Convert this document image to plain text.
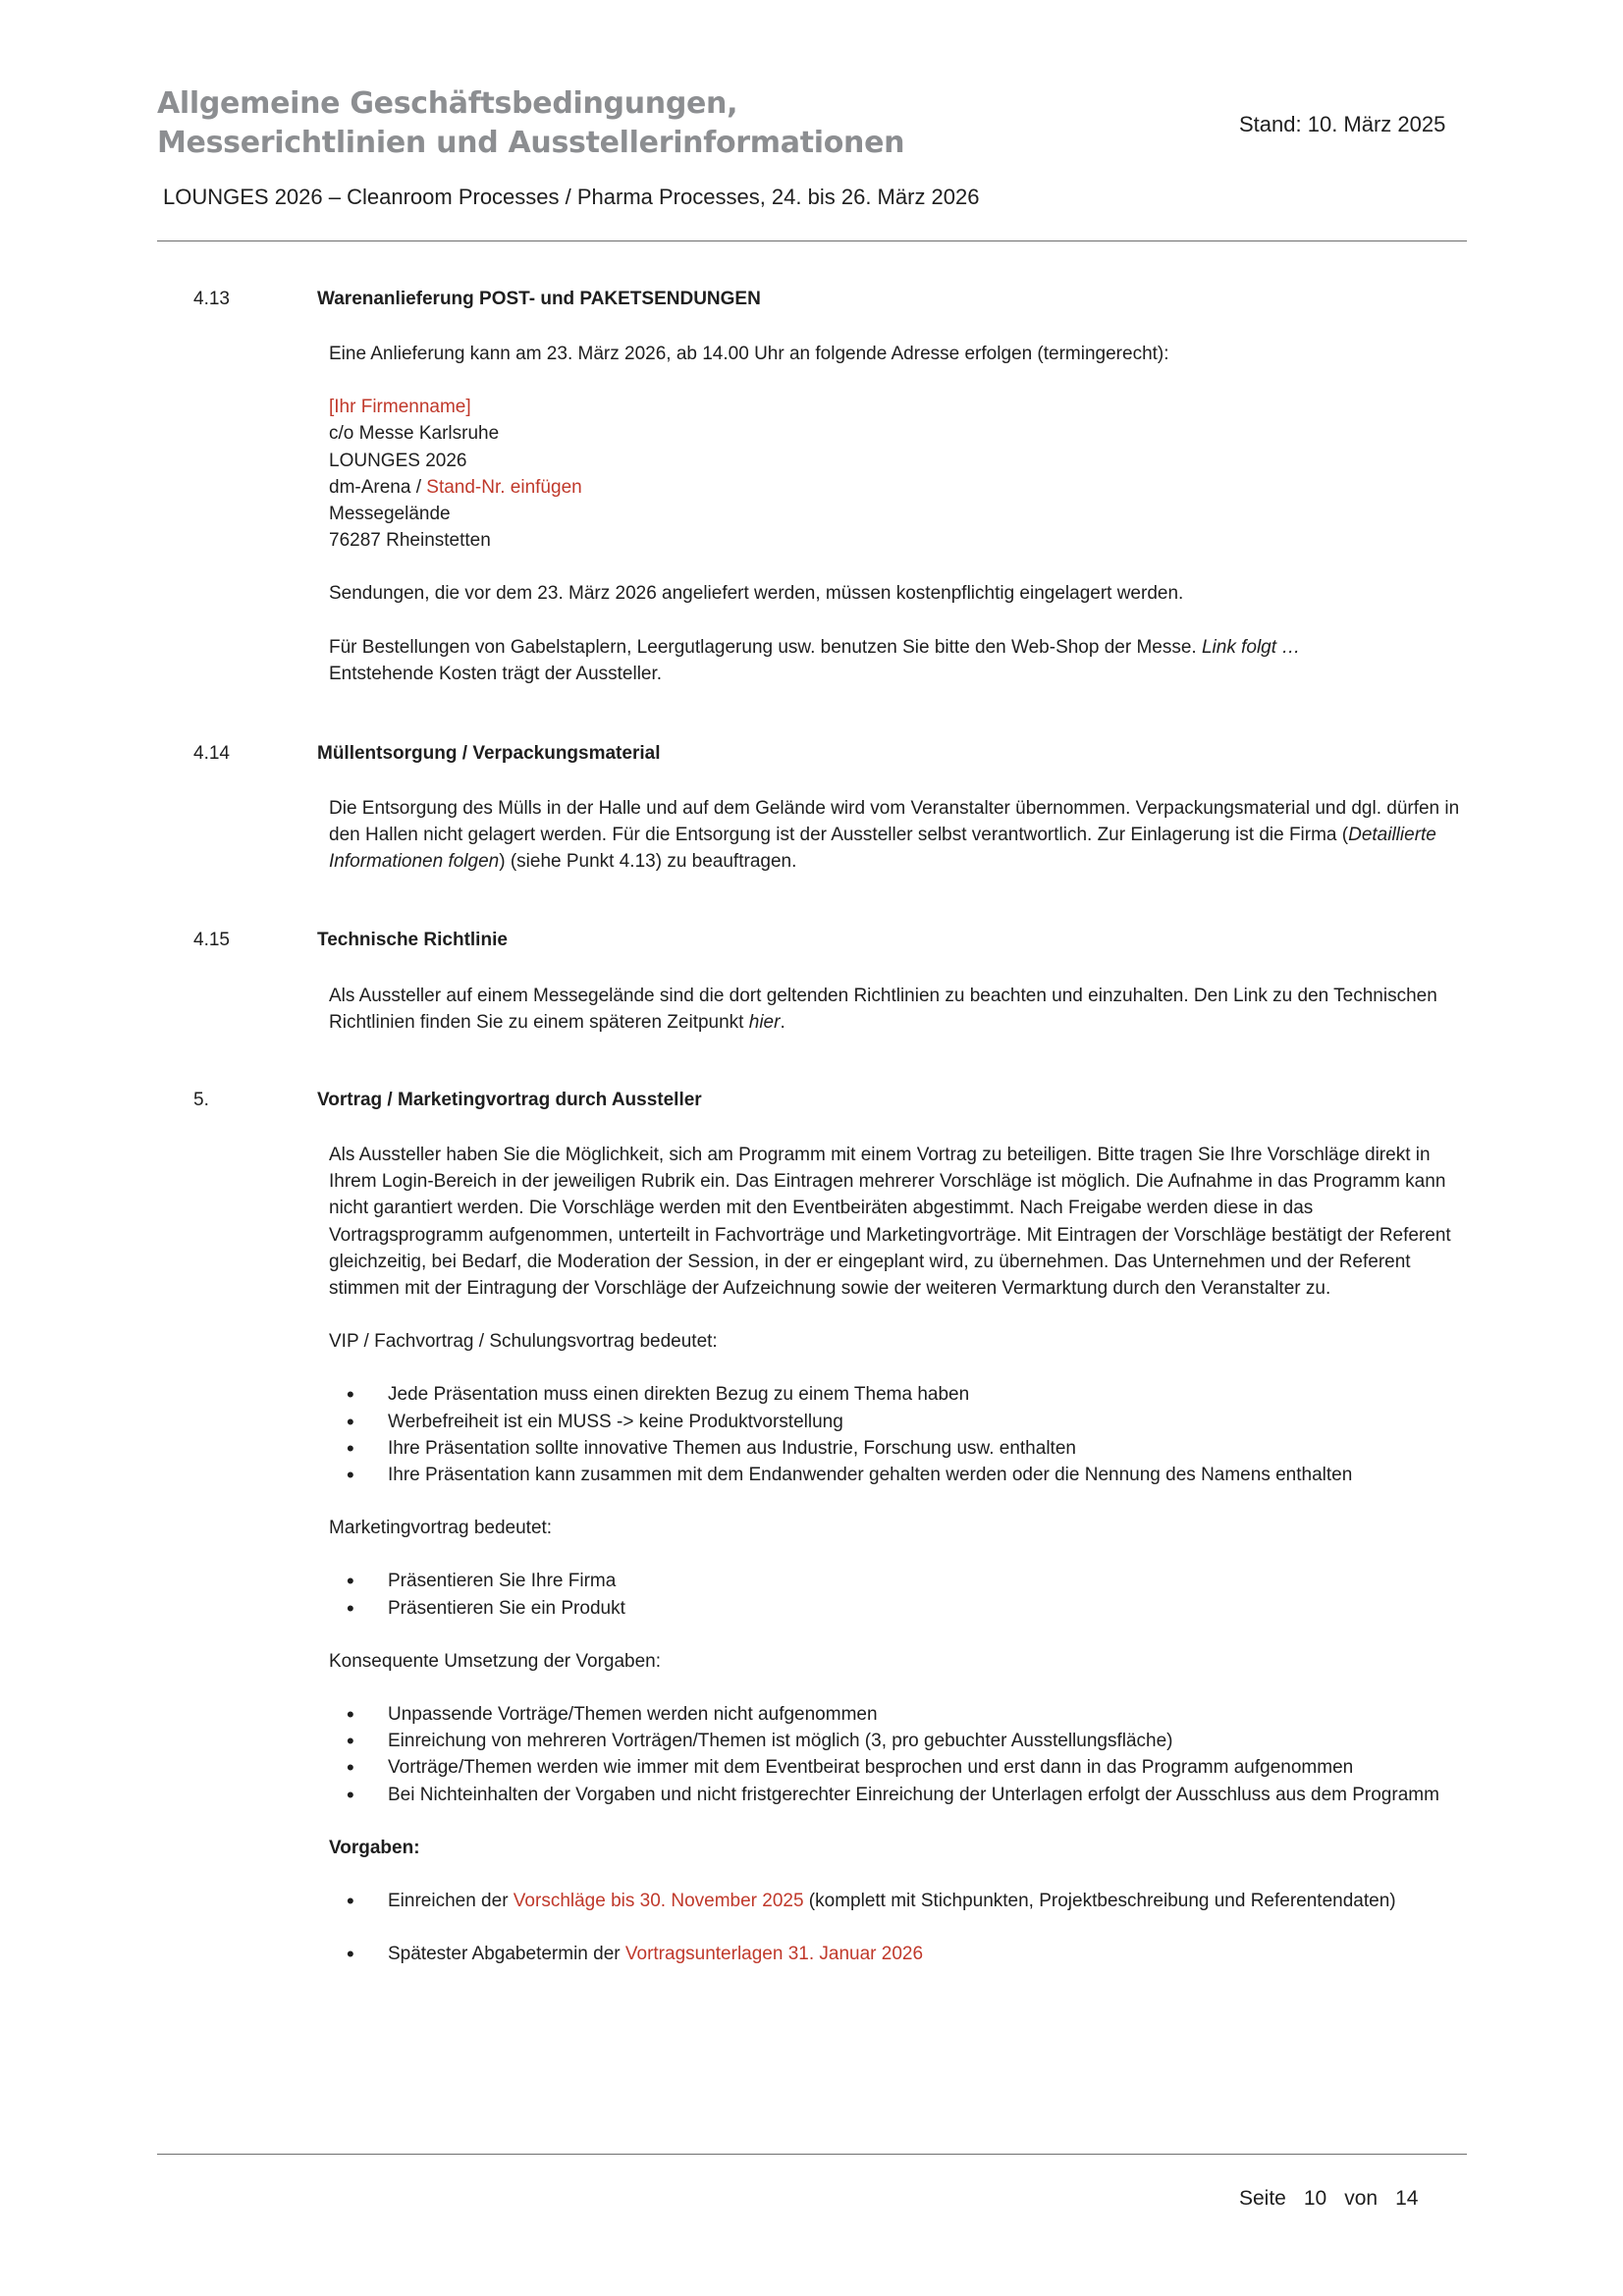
Allgemeine Geschäftsbedingungen,
Messerichtlinien und Ausstellerinformationen
Stand: 10. März 2025
LOUNGES 2026 – Cleanroom Processes / Pharma Processes, 24. bis 26. März 2026
4.13	Warenanlieferung POST- und PAKETSENDUNGEN
Eine Anlieferung kann am 23. März 2026, ab 14.00 Uhr an folgende Adresse erfolgen (termingerecht):
[Ihr Firmenname]
c/o Messe Karlsruhe
LOUNGES 2026
dm-Arena / Stand-Nr. einfügen
Messegelände
76287 Rheinstetten
Sendungen, die vor dem 23. März 2026 angeliefert werden, müssen kostenpflichtig eingelagert werden.
Für Bestellungen von Gabelstaplern, Leergutlagerung usw. benutzen Sie bitte den Web-Shop der Messe. Link folgt …
Entstehende Kosten trägt der Aussteller.
4.14	Müllentsorgung / Verpackungsmaterial
Die Entsorgung des Mülls in der Halle und auf dem Gelände wird vom Veranstalter übernommen. Verpackungsmaterial und dgl. dürfen in den Hallen nicht gelagert werden. Für die Entsorgung ist der Aussteller selbst verantwortlich. Zur Einlagerung ist die Firma (Detaillierte Informationen folgen) (siehe Punkt 4.13) zu beauftragen.
4.15	Technische Richtlinie
Als Aussteller auf einem Messegelände sind die dort geltenden Richtlinien zu beachten und einzuhalten. Den Link zu den Technischen Richtlinien finden Sie zu einem späteren Zeitpunkt hier.
5.	Vortrag / Marketingvortrag durch Aussteller
Als Aussteller haben Sie die Möglichkeit, sich am Programm mit einem Vortrag zu beteiligen. Bitte tragen Sie Ihre Vorschläge direkt in Ihrem Login-Bereich in der jeweiligen Rubrik ein. Das Eintragen mehrerer Vorschläge ist möglich. Die Aufnahme in das Programm kann nicht garantiert werden. Die Vorschläge werden mit den Eventbeiräten abgestimmt. Nach Freigabe werden diese in das Vortragsprogramm aufgenommen, unterteilt in Fachvorträge und Marketingvorträge. Mit Eintragen der Vorschläge bestätigt der Referent gleichzeitig, bei Bedarf, die Moderation der Session, in der er eingeplant wird, zu übernehmen. Das Unternehmen und der Referent stimmen mit der Eintragung der Vorschläge der Aufzeichnung sowie der weiteren Vermarktung durch den Veranstalter zu.
VIP / Fachvortrag / Schulungsvortrag bedeutet:
• Jede Präsentation muss einen direkten Bezug zu einem Thema haben
• Werbefreiheit ist ein MUSS -> keine Produktvorstellung
• Ihre Präsentation sollte innovative Themen aus Industrie, Forschung usw. enthalten
• Ihre Präsentation kann zusammen mit dem Endanwender gehalten werden oder die Nennung des Namens enthalten
Marketingvortrag bedeutet:
• Präsentieren Sie Ihre Firma
• Präsentieren Sie ein Produkt
Konsequente Umsetzung der Vorgaben:
• Unpassende Vorträge/Themen werden nicht aufgenommen
• Einreichung von mehreren Vorträgen/Themen ist möglich (3, pro gebuchter Ausstellungsfläche)
• Vorträge/Themen werden wie immer mit dem Eventbeirat besprochen und erst dann in das Programm aufgenommen
• Bei Nichteinhalten der Vorgaben und nicht fristgerechter Einreichung der Unterlagen erfolgt der Ausschluss aus dem Programm
Vorgaben:
• Einreichen der Vorschläge bis 30. November 2025 (komplett mit Stichpunkten, Projektbeschreibung und Referentendaten)
• Spätester Abgabetermin der Vortragsunterlagen 31. Januar 2026
Seite 10 von 14
